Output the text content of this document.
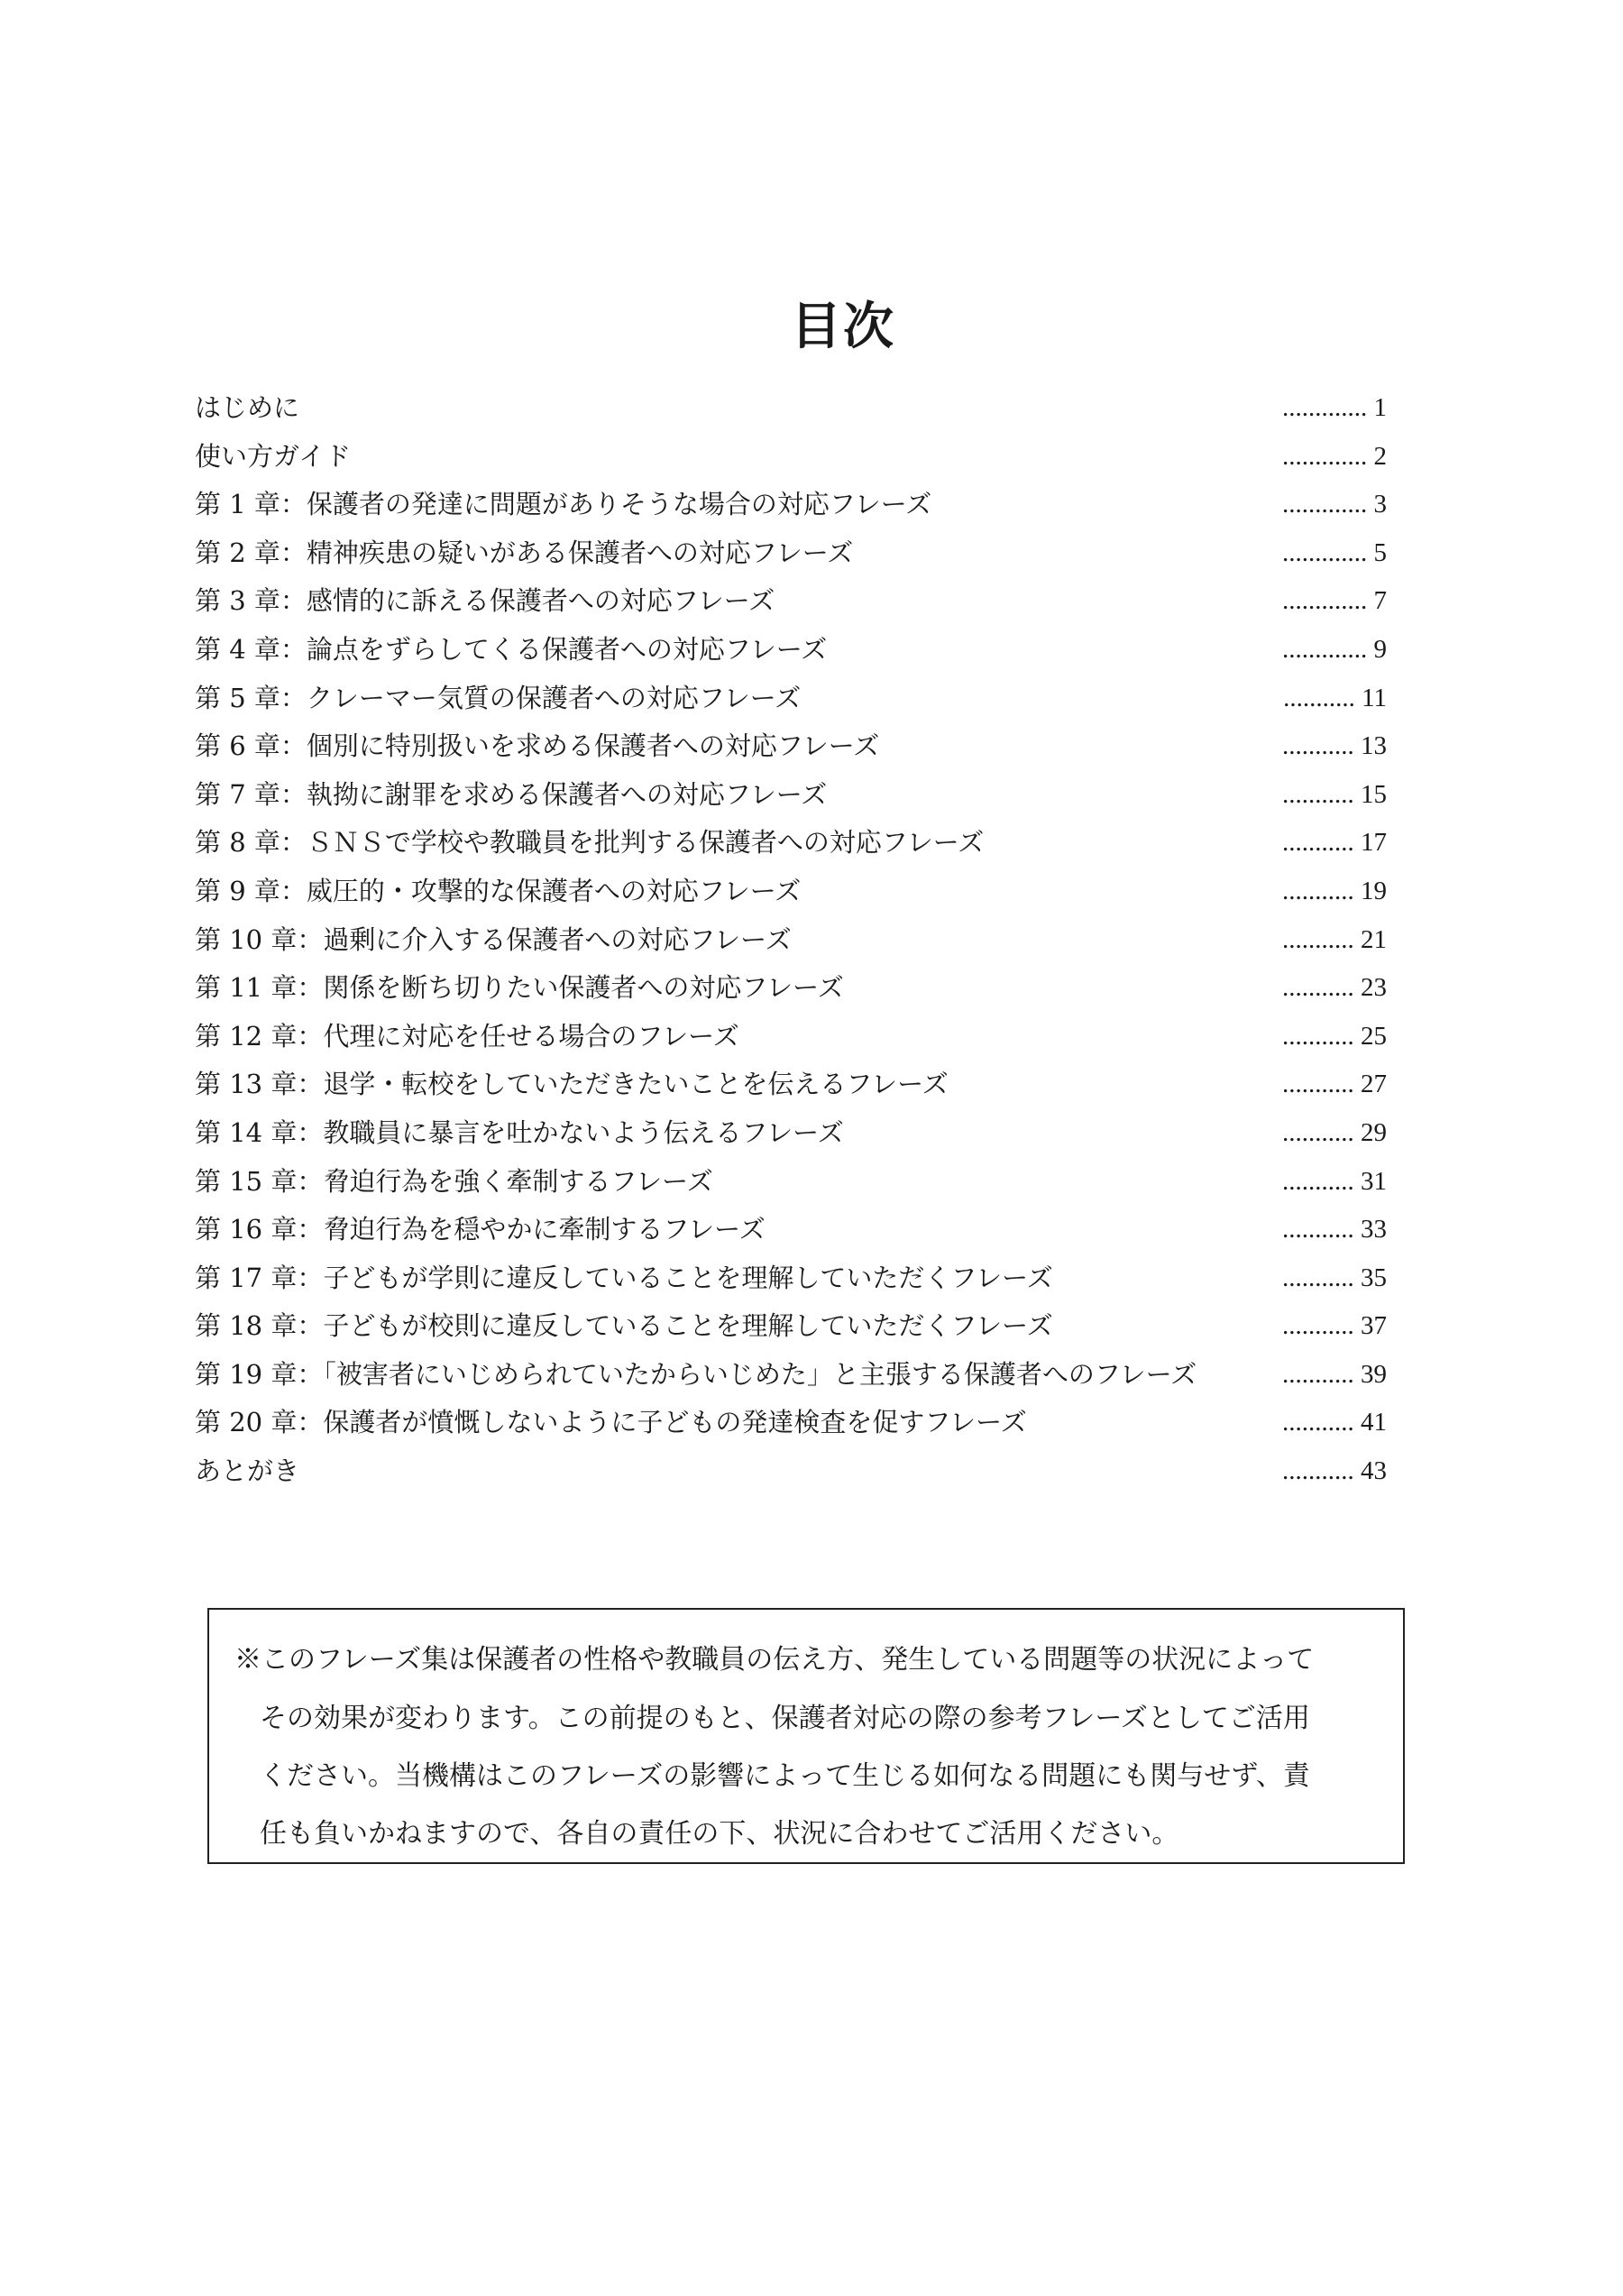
目次
はじめに	............. 1
使い方ガイド	............. 2
第 1 章：保護者の発達に問題がありそうな場合の対応フレーズ	............. 3
第 2 章：精神疾患の疑いがある保護者への対応フレーズ	............. 5
第 3 章：感情的に訴える保護者への対応フレーズ	............. 7
第 4 章：論点をずらしてくる保護者への対応フレーズ	............. 9
第 5 章：クレーマー気質の保護者への対応フレーズ	........... 11
第 6 章：個別に特別扱いを求める保護者への対応フレーズ	........... 13
第 7 章：執拗に謝罪を求める保護者への対応フレーズ	........... 15
第 8 章：ＳＮＳで学校や教職員を批判する保護者への対応フレーズ	........... 17
第 9 章：威圧的・攻撃的な保護者への対応フレーズ	........... 19
第 10 章：過剰に介入する保護者への対応フレーズ	........... 21
第 11 章：関係を断ち切りたい保護者への対応フレーズ	........... 23
第 12 章：代理に対応を任せる場合のフレーズ	........... 25
第 13 章：退学・転校をしていただきたいことを伝えるフレーズ	........... 27
第 14 章：教職員に暴言を吐かないよう伝えるフレーズ	........... 29
第 15 章：脅迫行為を強く牽制するフレーズ	........... 31
第 16 章：脅迫行為を穏やかに牽制するフレーズ	........... 33
第 17 章：子どもが学則に違反していることを理解していただくフレーズ	........... 35
第 18 章：子どもが校則に違反していることを理解していただくフレーズ	........... 37
第 19 章：「被害者にいじめられていたからいじめた」と主張する保護者へのフレーズ	........... 39
第 20 章：保護者が憤慨しないように子どもの発達検査を促すフレーズ	........... 41
あとがき	........... 43
※このフレーズ集は保護者の性格や教職員の伝え方、発生している問題等の状況によって
その効果が変わります。この前提のもと、保護者対応の際の参考フレーズとしてご活用
ください。当機構はこのフレーズの影響によって生じる如何なる問題にも関与せず、責
任も負いかねますので、各自の責任の下、状況に合わせてご活用ください。
